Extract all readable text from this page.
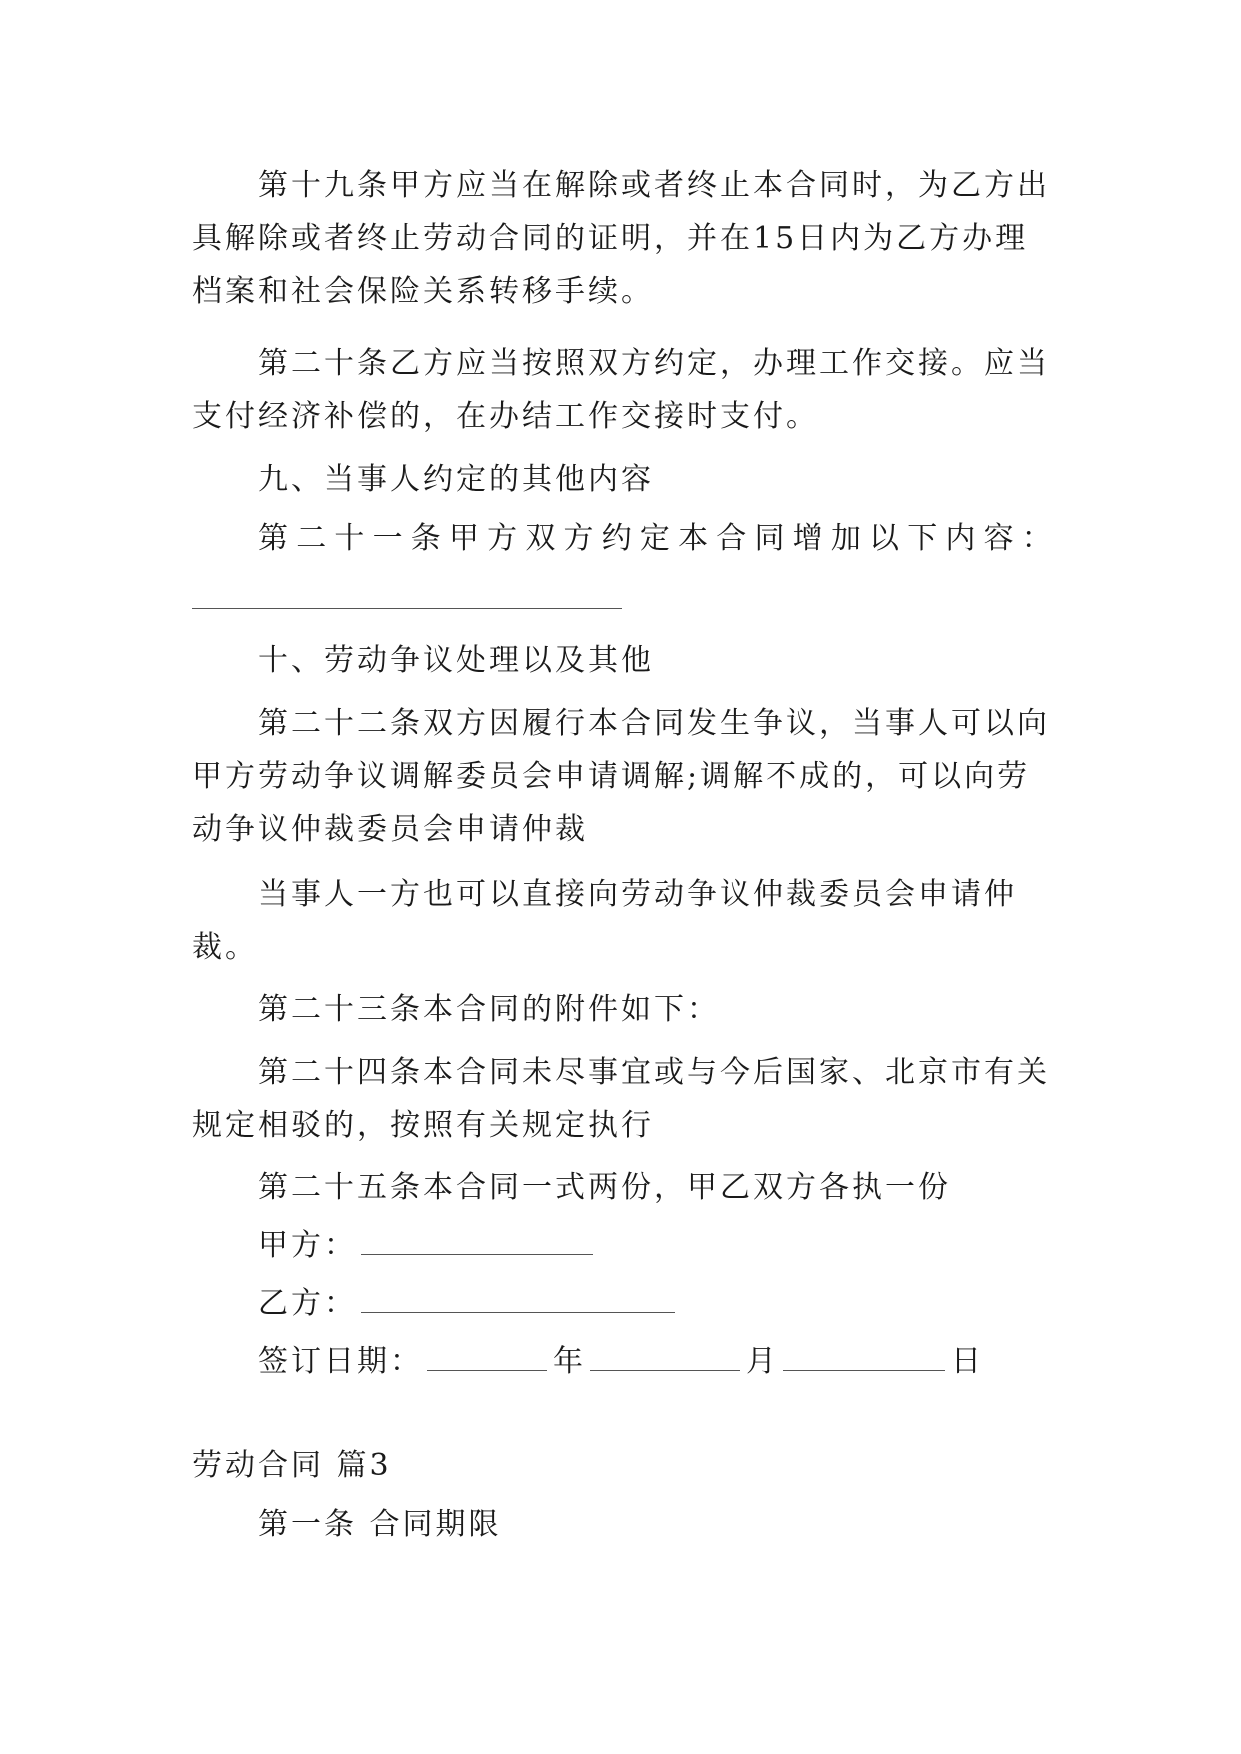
第十九条甲方应当在解除或者终止本合同时，为乙方出
具解除或者终止劳动合同的证明，并在15日内为乙方办理
档案和社会保险关系转移手续。
第二十条乙方应当按照双方约定，办理工作交接。应当
支付经济补偿的，在办结工作交接时支付。
九、当事人约定的其他内容
第 二 十 一 条 甲 方 双 方 约 定 本 合 同 增 加 以 下 内 容 ：
十、劳动争议处理以及其他
第二十二条双方因履行本合同发生争议，当事人可以向
甲方劳动争议调解委员会申请调解;调解不成的，可以向劳
动争议仲裁委员会申请仲裁
当事人一方也可以直接向劳动争议仲裁委员会申请仲
裁。
第二十三条本合同的附件如下：
第二十四条本合同未尽事宜或与今后国家、北京市有关
规定相驳的，按照有关规定执行
第二十五条本合同一式两份，甲乙双方各执一份
甲方：
乙方：
签订日期：	年	月	日
劳动合同 篇3
第一条 合同期限
